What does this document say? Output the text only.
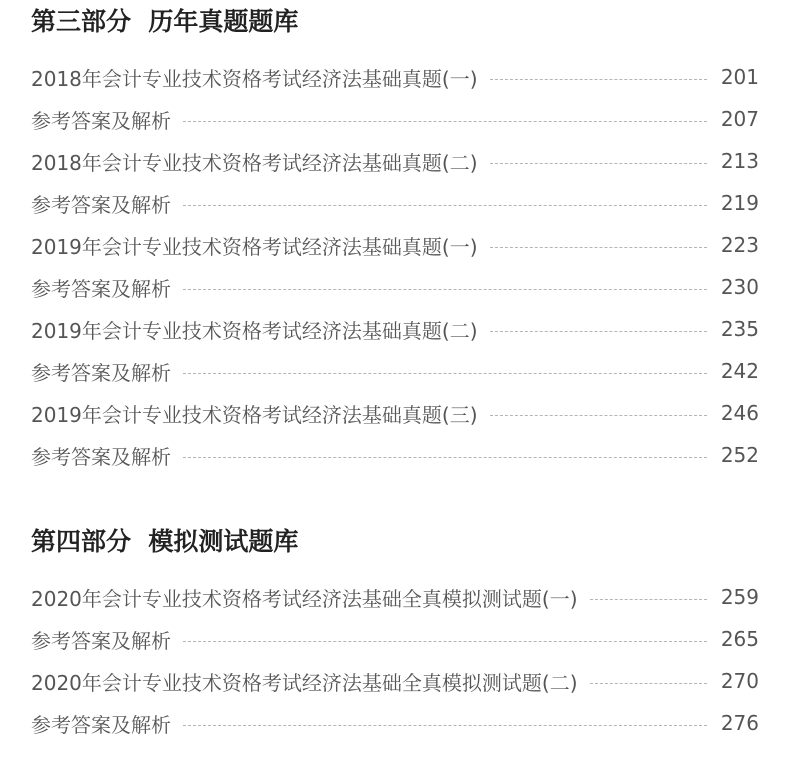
第三部分  历年真题题库
2018年会计专业技术资格考试经济法基础真题(一)	201
参考答案及解析	207
2018年会计专业技术资格考试经济法基础真题(二)	213
参考答案及解析	219
2019年会计专业技术资格考试经济法基础真题(一)	223
参考答案及解析	230
2019年会计专业技术资格考试经济法基础真题(二)	235
参考答案及解析	242
2019年会计专业技术资格考试经济法基础真题(三)	246
参考答案及解析	252
第四部分  模拟测试题库
2020年会计专业技术资格考试经济法基础全真模拟测试题(一)	259
参考答案及解析	265
2020年会计专业技术资格考试经济法基础全真模拟测试题(二)	270
参考答案及解析	276
